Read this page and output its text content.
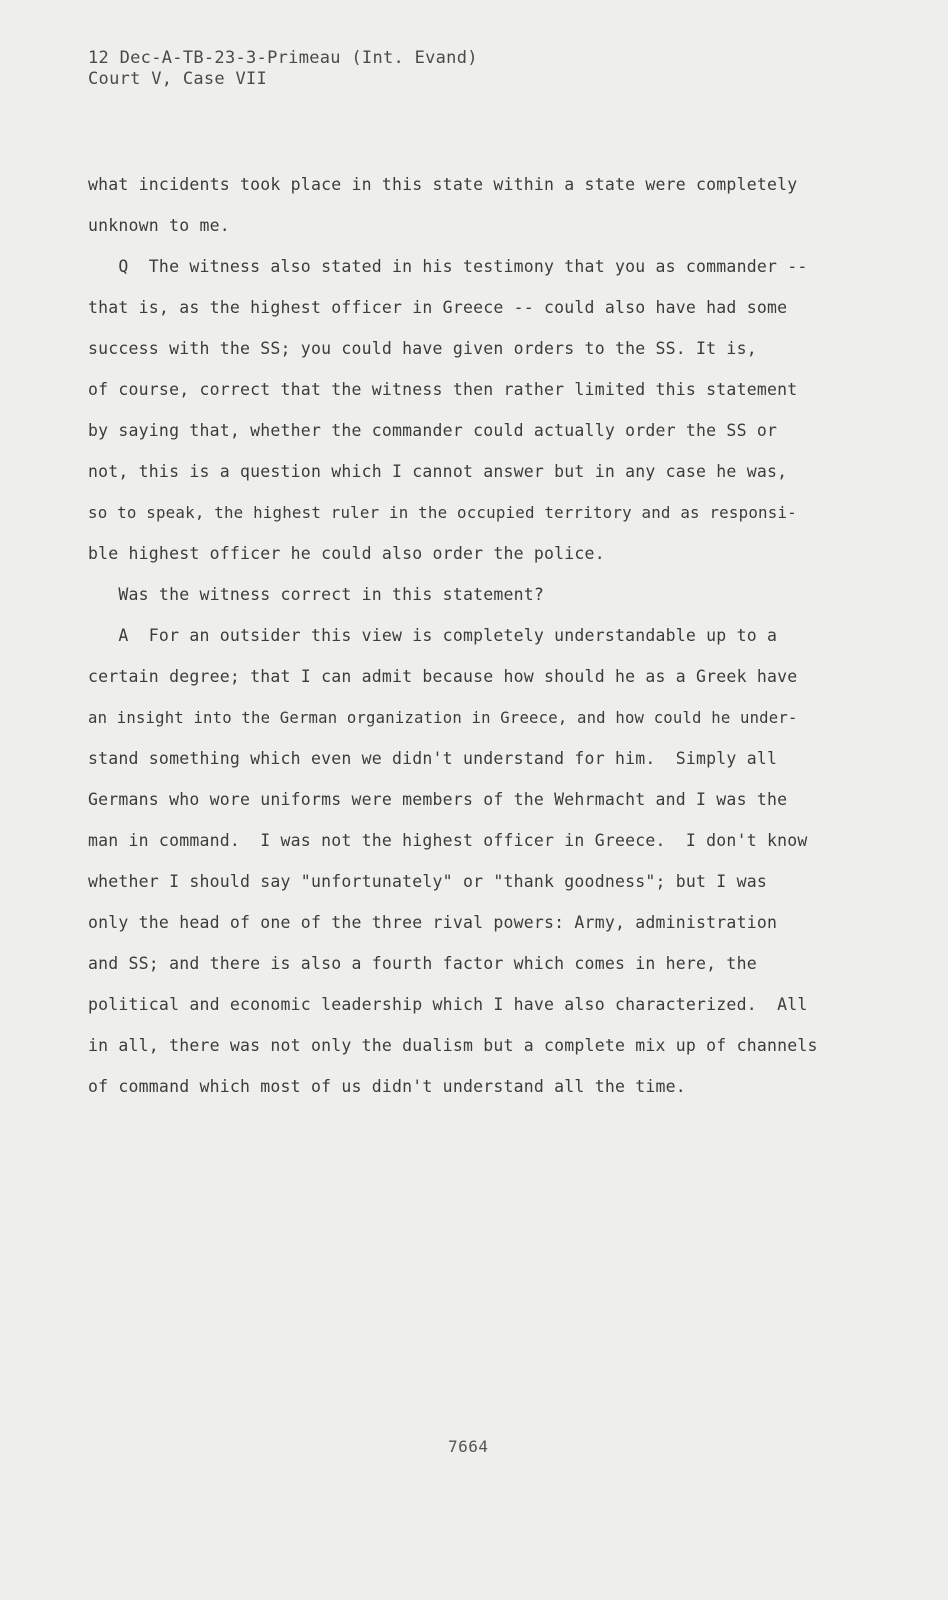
12 Dec-A-TB-23-3-Primeau (Int. Evand)
Court V, Case VII
what incidents took place in this state within a state were completely
unknown to me.
Q  The witness also stated in his testimony that you as commander --
that is, as the highest officer in Greece -- could also have had some
success with the SS; you could have given orders to the SS. It is,
of course, correct that the witness then rather limited this statement
by saying that, whether the commander could actually order the SS or
not, this is a question which I cannot answer but in any case he was,
so to speak, the highest ruler in the occupied territory and as responsi-
ble highest officer he could also order the police.
Was the witness correct in this statement?
A  For an outsider this view is completely understandable up to a
certain degree; that I can admit because how should he as a Greek have
an insight into the German organization in Greece, and how could he under-
stand something which even we didn't understand for him.  Simply all
Germans who wore uniforms were members of the Wehrmacht and I was the
man in command.  I was not the highest officer in Greece.  I don't know
whether I should say "unfortunately" or "thank goodness"; but I was
only the head of one of the three rival powers: Army, administration
and SS; and there is also a fourth factor which comes in here, the
political and economic leadership which I have also characterized.  All
in all, there was not only the dualism but a complete mix up of channels
of command which most of us didn't understand all the time.
7664
